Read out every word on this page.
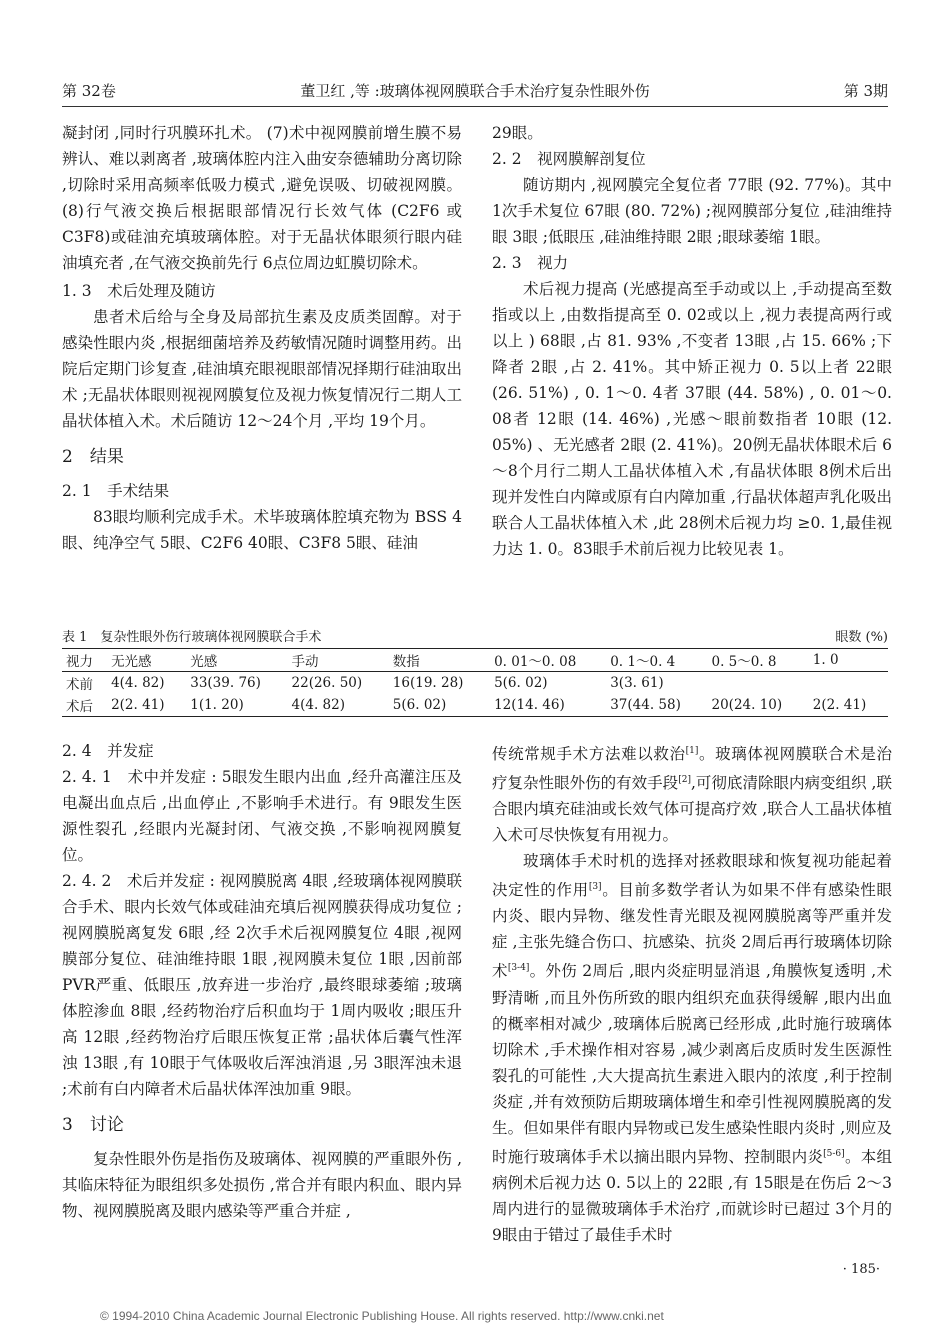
第 32卷	董卫红 ,等 :玻璃体视网膜联合手术治疗复杂性眼外伤	第 3期

凝封闭 ,同时行巩膜环扎术。 (7)术中视网膜前增生膜不易辨认、难以剥离者 ,玻璃体腔内注入曲安奈德辅助分离切除 ,切除时采用高频率低吸力模式 ,避免误吸、切破视网膜。 (8)行气液交换后根据眼部情况行长效气体 (C2F6 或 C3F8)或硅油充填玻璃体腔。对于无晶状体眼须行眼内硅油填充者 ,在气液交换前先行 6点位周边虹膜切除术。

1. 3　术后处理及随访

患者术后给与全身及局部抗生素及皮质类固醇。对于感染性眼内炎 ,根据细菌培养及药敏情况随时调整用药。出院后定期门诊复查 ,硅油填充眼视眼部情况择期行硅油取出术 ;无晶状体眼则视视网膜复位及视力恢复情况行二期人工晶状体植入术。术后随访 12～24个月 ,平均 19个月。

2　结果
2. 1　手术结果

83眼均顺利完成手术。术毕玻璃体腔填充物为 BSS 4眼、纯净空气 5眼、C2F6 40眼、C3F8 5眼、硅油

29眼。

2. 2　视网膜解剖复位

随访期内 ,视网膜完全复位者 77眼 (92. 77%)。其中 1次手术复位 67眼 (80. 72%) ;视网膜部分复位 ,硅油维持眼 3眼 ;低眼压 ,硅油维持眼 2眼 ;眼球萎缩 1眼。

2. 3　视力

术后视力提高 (光感提高至手动或以上 ,手动提高至数指或以上 ,由数指提高至 0. 02或以上 ,视力表提高两行或以上 ) 68眼 ,占 81. 93% ,不变者 13眼 ,占 15. 66% ;下降者 2眼 ,占 2. 41%。其中矫正视力 0. 5以上者 22眼 (26. 51%) , 0. 1～0. 4者 37眼 (44. 58%) , 0. 01～0. 08者 12眼 (14. 46%) ,光感～眼前数指者 10眼 (12. 05%) 、无光感者 2眼 (2. 41%)。20例无晶状体眼术后 6～8个月行二期人工晶状体植入术 ,有晶状体眼 8例术后出现并发性白内障或原有白内障加重 ,行晶状体超声乳化吸出联合人工晶状体植入术 ,此 28例术后视力均 ≥0. 1,最佳视力达 1. 0。83眼手术前后视力比较见表 1。

表 1　复杂性眼外伤行玻璃体视网膜联合手术	眼数 (%)
视力	无光感	光感	手动	数指	0. 01～0. 08	0. 1～0. 4	0. 5～0. 8	1. 0
术前	4(4. 82)	33(39. 76)	22(26. 50)	16(19. 28)	5(6. 02)	3(3. 61)		
术后	2(2. 41)	1(1. 20)	4(4. 82)	5(6. 02)	12(14. 46)	37(44. 58)	20(24. 10)	2(2. 41)
2. 4　并发症

2. 4. 1　术中并发症 : 5眼发生眼内出血 ,经升高灌注压及电凝出血点后 ,出血停止 ,不影响手术进行。有 9眼发生医源性裂孔 ,经眼内光凝封闭、气液交换 ,不影响视网膜复位。

2. 4. 2　术后并发症 : 视网膜脱离 4眼 ,经玻璃体视网膜联合手术、眼内长效气体或硅油充填后视网膜获得成功复位 ;视网膜脱离复发 6眼 ,经 2次手术后视网膜复位 4眼 ,视网膜部分复位、硅油维持眼 1眼 ,视网膜未复位 1眼 ,因前部 PVR严重、低眼压 ,放弃进一步治疗 ,最终眼球萎缩 ;玻璃体腔渗血 8眼 ,经药物治疗后积血均于 1周内吸收 ;眼压升高 12眼 ,经药物治疗后眼压恢复正常 ;晶状体后囊气性浑浊 13眼 ,有 10眼于气体吸收后浑浊消退 ,另 3眼浑浊未退 ;术前有白内障者术后晶状体浑浊加重 9眼。

3　讨论

复杂性眼外伤是指伤及玻璃体、视网膜的严重眼外伤 ,其临床特征为眼组织多处损伤 ,常合并有眼内积血、眼内异物、视网膜脱离及眼内感染等严重合并症 ,

传统常规手术方法难以救治[1]。玻璃体视网膜联合术是治疗复杂性眼外伤的有效手段[2],可彻底清除眼内病变组织 ,联合眼内填充硅油或长效气体可提高疗效 ,联合人工晶状体植入术可尽快恢复有用视力。

玻璃体手术时机的选择对拯救眼球和恢复视功能起着决定性的作用[3]。目前多数学者认为如果不伴有感染性眼内炎、眼内异物、继发性青光眼及视网膜脱离等严重并发症 ,主张先缝合伤口、抗感染、抗炎 2周后再行玻璃体切除术[3-4]。外伤 2周后 ,眼内炎症明显消退 ,角膜恢复透明 ,术野清晰 ,而且外伤所致的眼内组织充血获得缓解 ,眼内出血的概率相对减少 ,玻璃体后脱离已经形成 ,此时施行玻璃体切除术 ,手术操作相对容易 ,减少剥离后皮质时发生医源性裂孔的可能性 ,大大提高抗生素进入眼内的浓度 ,利于控制炎症 ,并有效预防后期玻璃体增生和牵引性视网膜脱离的发生。但如果伴有眼内异物或已发生感染性眼内炎时 ,则应及时施行玻璃体手术以摘出眼内异物、控制眼内炎[5-6]。本组病例术后视力达 0. 5以上的 22眼 ,有 15眼是在伤后 2～3周内进行的显微玻璃体手术治疗 ,而就诊时已超过 3个月的 9眼由于错过了最佳手术时

· 185·
© 1994-2010 China Academic Journal Electronic Publishing House. All rights reserved. http://www.cnki.net
